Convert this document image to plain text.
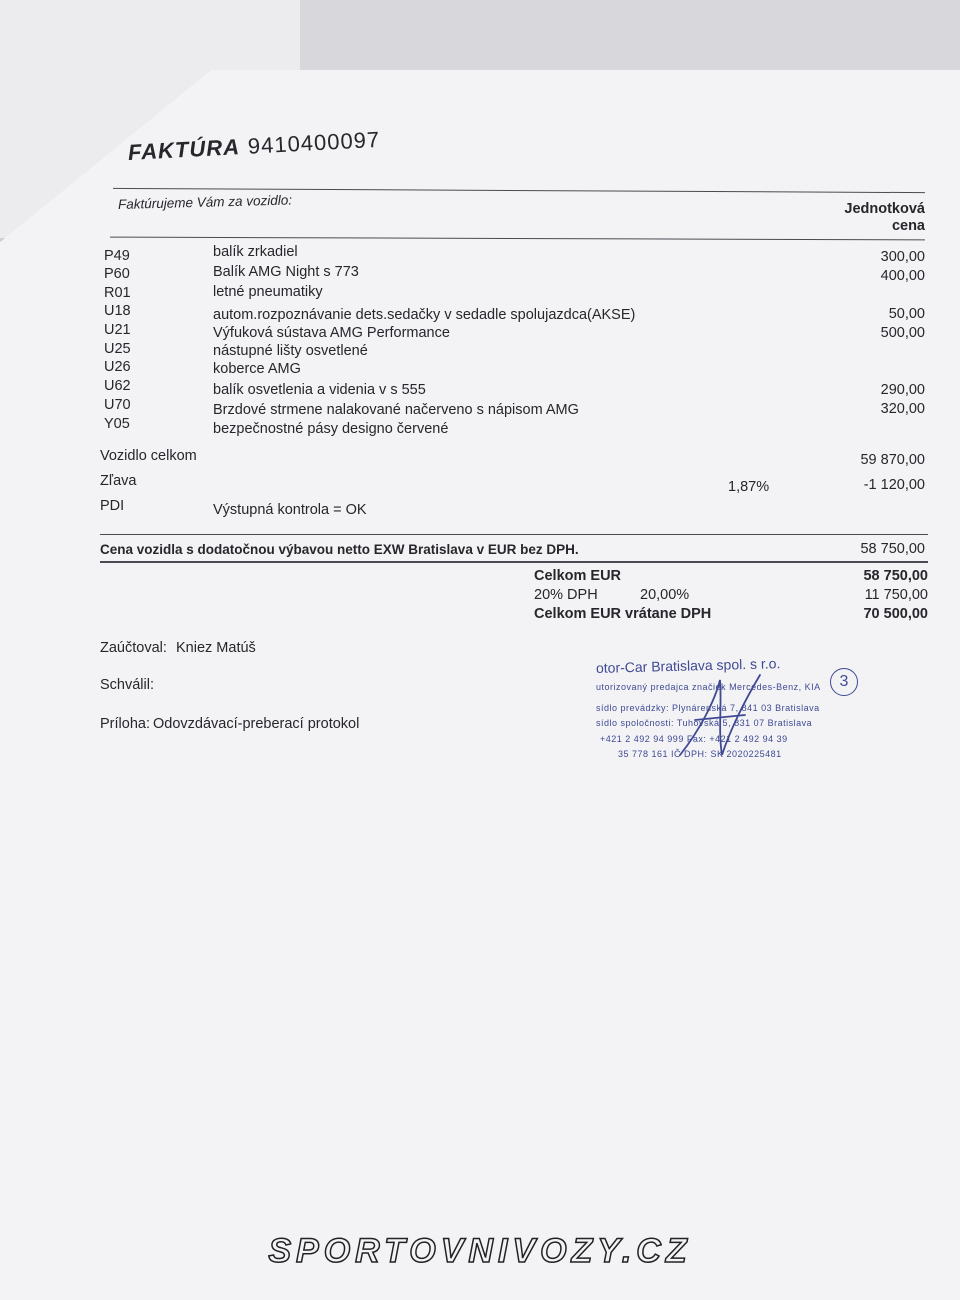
FAKTÚRA 9410400097
Faktúrujeme Vám za vozidlo:	Jednotková
cena
P49	balík zrkadiel	300,00
P60	Balík AMG Night s 773	400,00
R01	letné pneumatiky
U18	autom.rozpoznávanie dets.sedačky v sedadle spolujazdca(AKSE)	50,00
U21	Výfuková sústava AMG Performance	500,00
U25	nástupné lišty osvetlené
U26	koberce AMG
U62	balík osvetlenia a videnia v s 555	290,00
U70	Brzdové strmene nalakované načerveno s nápisom AMG	320,00
Y05	bezpečnostné pásy designo červené
Vozidlo celkom	59 870,00
Zľava	1,87%	-1 120,00
PDI	Výstupná kontrola = OK
Cena vozidla s dodatočnou výbavou netto EXW Bratislava v EUR bez DPH.	58 750,00
Celkom EUR	58 750,00
20% DPH	20,00%	11 750,00
Celkom EUR vrátane DPH	70 500,00
Zaúčtoval: Kniez Matúš
Schválil:
Príloha: Odovzdávací-preberací protokol
otor-Car Bratislava spol. s r.o.
utorizovaný predajca značiek Mercedes-Benz, KIA
sídlo prevádzky: Plynárenská 7, 841 03 Bratislava
sídlo spoločnosti: Tuhovská 5, 831 07 Bratislava
+421 2 492 94 999 Fax: +421 2 492 94 39
35 778 161 IČ DPH: SK 2020225481
3
SPORTOVNIVOZY.CZ
